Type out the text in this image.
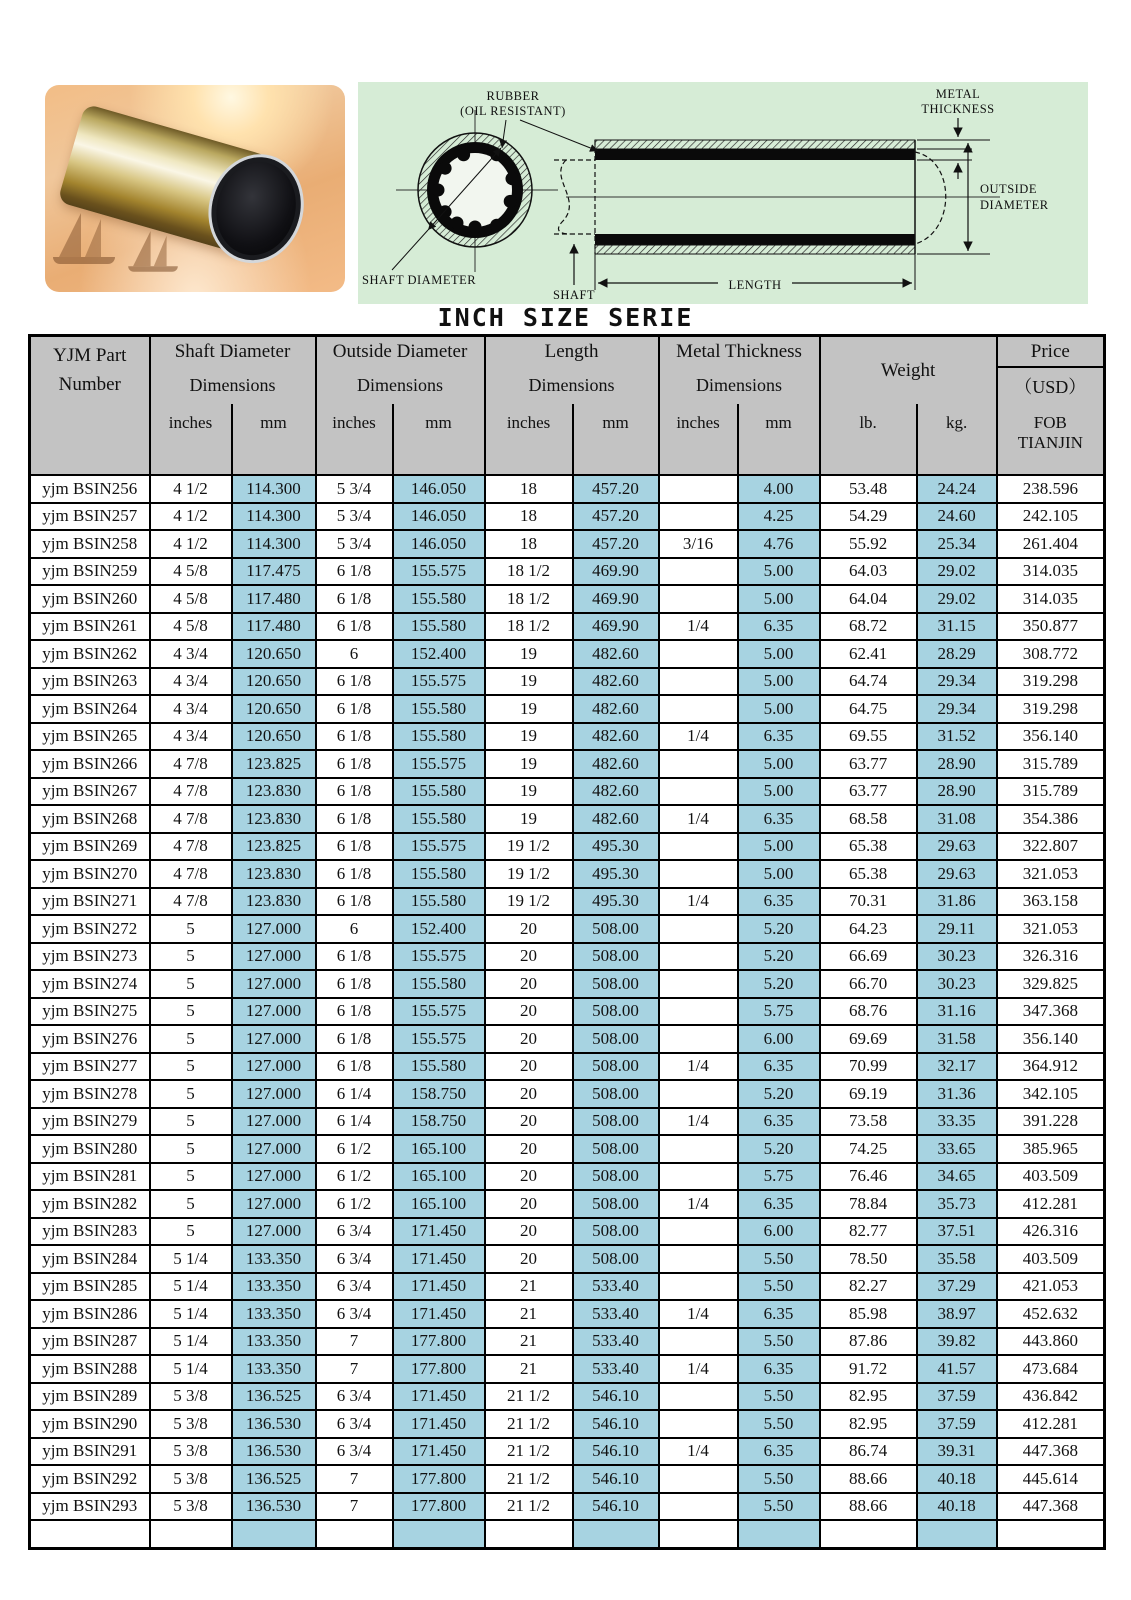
RUBBER
(OIL RESISTANT)
METAL
THICKNESS
OUTSIDE
DIAMETER
SHAFT DIAMETER
SHAFT
LENGTH
INCH SIZE SERIE
YJM Part
Number	Shaft Diameter		Outside Diameter		Length		Metal Thickness		Weight		Price
	Dimensions		Dimensions		Dimensions		Dimensions				（USD）
	inches	mm	inches	mm	inches	mm	inches	mm	lb.	kg.	FOB
TIANJIN

yjm BSIN256	4 1/2	114.300	5 3/4	146.050	18	457.20		4.00	53.48	24.24	238.596
yjm BSIN257	4 1/2	114.300	5 3/4	146.050	18	457.20		4.25	54.29	24.60	242.105
yjm BSIN258	4 1/2	114.300	5 3/4	146.050	18	457.20	3/16	4.76	55.92	25.34	261.404
yjm BSIN259	4 5/8	117.475	6 1/8	155.575	18 1/2	469.90		5.00	64.03	29.02	314.035
yjm BSIN260	4 5/8	117.480	6 1/8	155.580	18 1/2	469.90		5.00	64.04	29.02	314.035
yjm BSIN261	4 5/8	117.480	6 1/8	155.580	18 1/2	469.90	1/4	6.35	68.72	31.15	350.877
yjm BSIN262	4 3/4	120.650	6	152.400	19	482.60		5.00	62.41	28.29	308.772
yjm BSIN263	4 3/4	120.650	6 1/8	155.575	19	482.60		5.00	64.74	29.34	319.298
yjm BSIN264	4 3/4	120.650	6 1/8	155.580	19	482.60		5.00	64.75	29.34	319.298
yjm BSIN265	4 3/4	120.650	6 1/8	155.580	19	482.60	1/4	6.35	69.55	31.52	356.140
yjm BSIN266	4 7/8	123.825	6 1/8	155.575	19	482.60		5.00	63.77	28.90	315.789
yjm BSIN267	4 7/8	123.830	6 1/8	155.580	19	482.60		5.00	63.77	28.90	315.789
yjm BSIN268	4 7/8	123.830	6 1/8	155.580	19	482.60	1/4	6.35	68.58	31.08	354.386
yjm BSIN269	4 7/8	123.825	6 1/8	155.575	19 1/2	495.30		5.00	65.38	29.63	322.807
yjm BSIN270	4 7/8	123.830	6 1/8	155.580	19 1/2	495.30		5.00	65.38	29.63	321.053
yjm BSIN271	4 7/8	123.830	6 1/8	155.580	19 1/2	495.30	1/4	6.35	70.31	31.86	363.158
yjm BSIN272	5	127.000	6	152.400	20	508.00		5.20	64.23	29.11	321.053
yjm BSIN273	5	127.000	6 1/8	155.575	20	508.00		5.20	66.69	30.23	326.316
yjm BSIN274	5	127.000	6 1/8	155.580	20	508.00		5.20	66.70	30.23	329.825
yjm BSIN275	5	127.000	6 1/8	155.575	20	508.00		5.75	68.76	31.16	347.368
yjm BSIN276	5	127.000	6 1/8	155.575	20	508.00		6.00	69.69	31.58	356.140
yjm BSIN277	5	127.000	6 1/8	155.580	20	508.00	1/4	6.35	70.99	32.17	364.912
yjm BSIN278	5	127.000	6 1/4	158.750	20	508.00		5.20	69.19	31.36	342.105
yjm BSIN279	5	127.000	6 1/4	158.750	20	508.00	1/4	6.35	73.58	33.35	391.228
yjm BSIN280	5	127.000	6 1/2	165.100	20	508.00		5.20	74.25	33.65	385.965
yjm BSIN281	5	127.000	6 1/2	165.100	20	508.00		5.75	76.46	34.65	403.509
yjm BSIN282	5	127.000	6 1/2	165.100	20	508.00	1/4	6.35	78.84	35.73	412.281
yjm BSIN283	5	127.000	6 3/4	171.450	20	508.00		6.00	82.77	37.51	426.316
yjm BSIN284	5 1/4	133.350	6 3/4	171.450	20	508.00		5.50	78.50	35.58	403.509
yjm BSIN285	5 1/4	133.350	6 3/4	171.450	21	533.40		5.50	82.27	37.29	421.053
yjm BSIN286	5 1/4	133.350	6 3/4	171.450	21	533.40	1/4	6.35	85.98	38.97	452.632
yjm BSIN287	5 1/4	133.350	7	177.800	21	533.40		5.50	87.86	39.82	443.860
yjm BSIN288	5 1/4	133.350	7	177.800	21	533.40	1/4	6.35	91.72	41.57	473.684
yjm BSIN289	5 3/8	136.525	6 3/4	171.450	21 1/2	546.10		5.50	82.95	37.59	436.842
yjm BSIN290	5 3/8	136.530	6 3/4	171.450	21 1/2	546.10		5.50	82.95	37.59	412.281
yjm BSIN291	5 3/8	136.530	6 3/4	171.450	21 1/2	546.10	1/4	6.35	86.74	39.31	447.368
yjm BSIN292	5 3/8	136.525	7	177.800	21 1/2	546.10		5.50	88.66	40.18	445.614
yjm BSIN293	5 3/8	136.530	7	177.800	21 1/2	546.10		5.50	88.66	40.18	447.368
